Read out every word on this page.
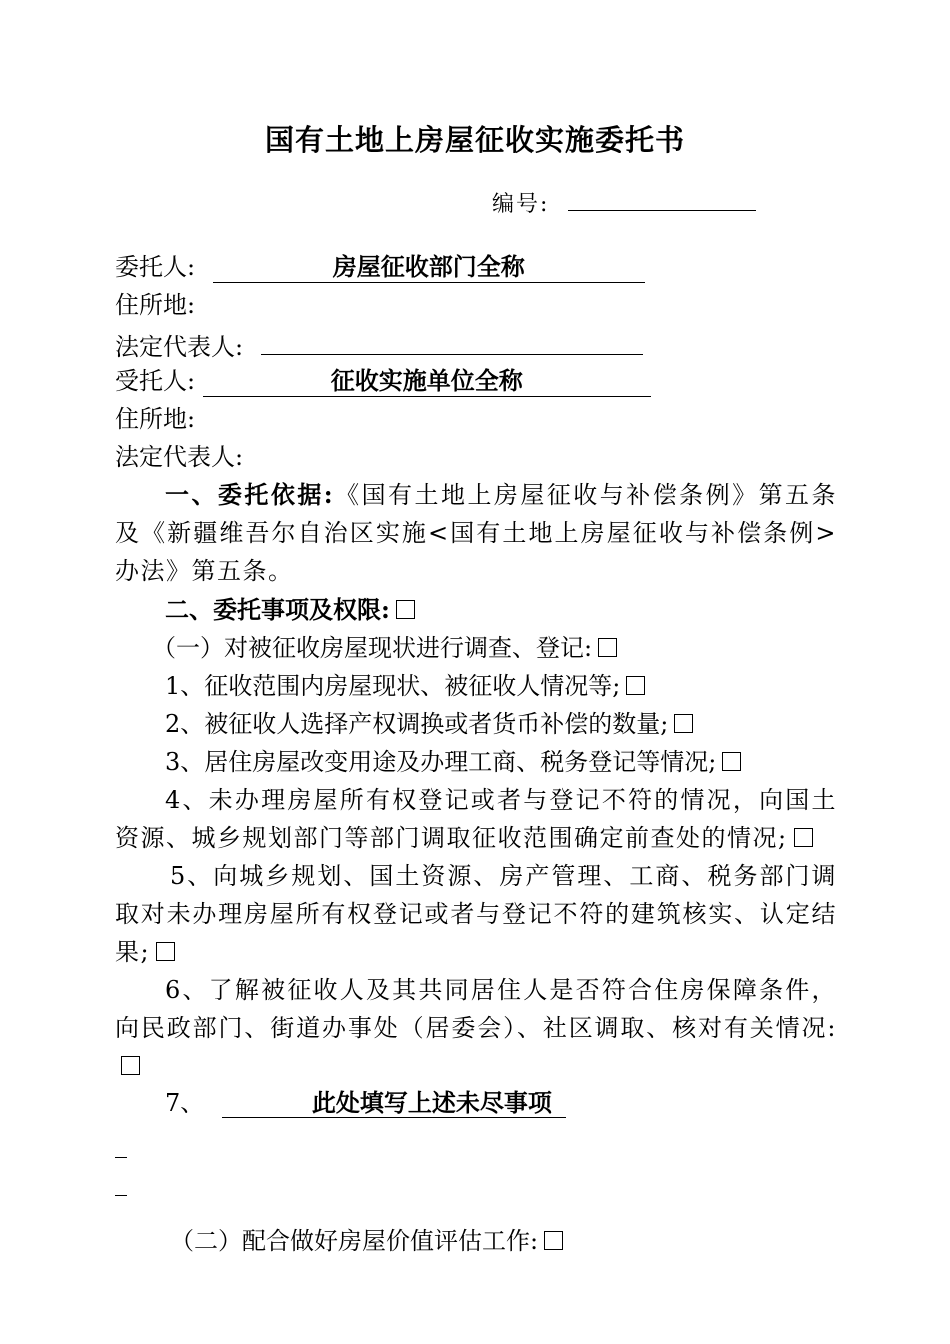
国有土地上房屋征收实施委托书
编号:
委托人:	房屋征收部门全称
住所地:
法定代表人:
受托人:	征收实施单位全称
住所地:
法定代表人:
一、委托依据:《国有土地上房屋征收与补偿条例》第五条及《新疆维吾尔自治区实施<国有土地上房屋征收与补偿条例>办法》第五条。
二、委托事项及权限:
（一）对被征收房屋现状进行调查、登记:
1、征收范围内房屋现状、被征收人情况等;
2、被征收人选择产权调换或者货币补偿的数量;
3、居住房屋改变用途及办理工商、税务登记等情况;
4、未办理房屋所有权登记或者与登记不符的情况，向国土资源、城乡规划部门等部门调取征收范围确定前查处的情况;
5、向城乡规划、国土资源、房产管理、工商、税务部门调取对未办理房屋所有权登记或者与登记不符的建筑核实、认定结果;
6、了解被征收人及其共同居住人是否符合住房保障条件，向民政部门、街道办事处（居委会）、社区调取、核对有关情况:
7、	此处填写上述未尽事项
（二）配合做好房屋价值评估工作:
